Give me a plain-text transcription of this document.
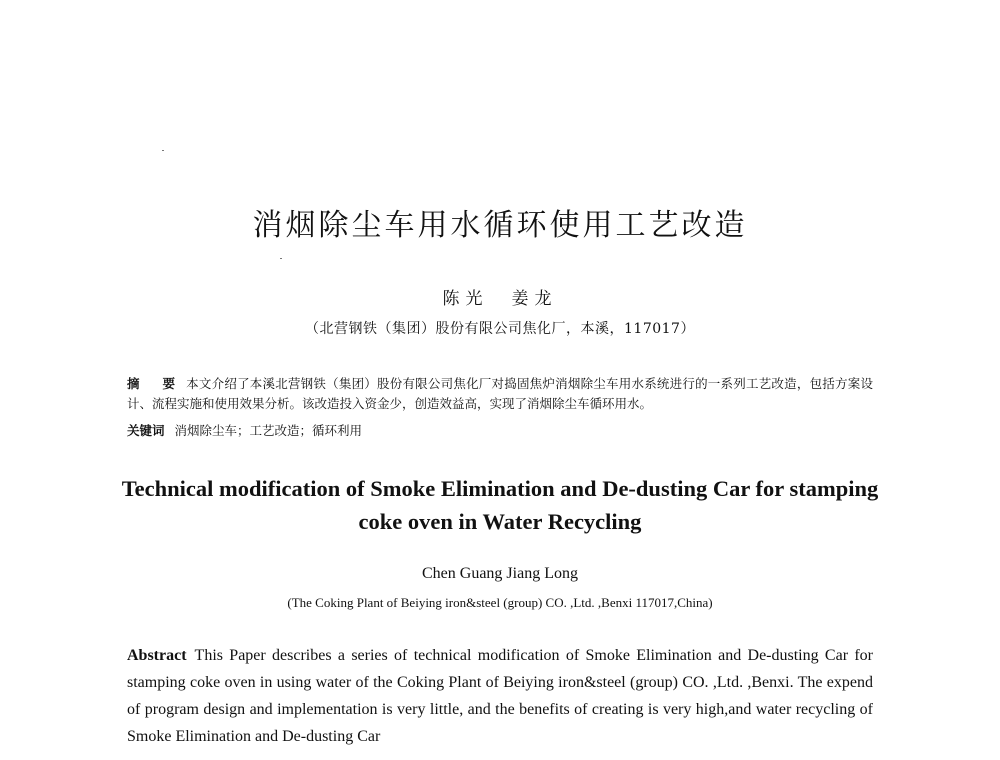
消烟除尘车用水循环使用工艺改造

陈光　姜龙

（北营钢铁（集团）股份有限公司焦化厂，本溪，117017）

摘　要 本文介绍了本溪北营钢铁（集团）股份有限公司焦化厂对捣固焦炉消烟除尘车用水系统进行的一系列工艺改造，包括方案设计、流程实施和使用效果分析。该改造投入资金少，创造效益高，实现了消烟除尘车循环用水。

关键词 消烟除尘车；工艺改造；循环利用

Technical modification of Smoke Elimination and De-dusting Car for stamping coke oven in Water Recycling

Chen Guang Jiang Long

(The Coking Plant of Beiying iron&steel (group) CO. ,Ltd. ,Benxi 117017,China)

Abstract This Paper describes a series of technical modification of Smoke Elimination and De-dusting Car for stamping coke oven in using water of the Coking Plant of Beiying iron&steel (group) CO. ,Ltd. ,Benxi. The expend of program design and implementation is very little, and the benefits of creating is very high,and water recycling of Smoke Elimination and De-dusting Car
